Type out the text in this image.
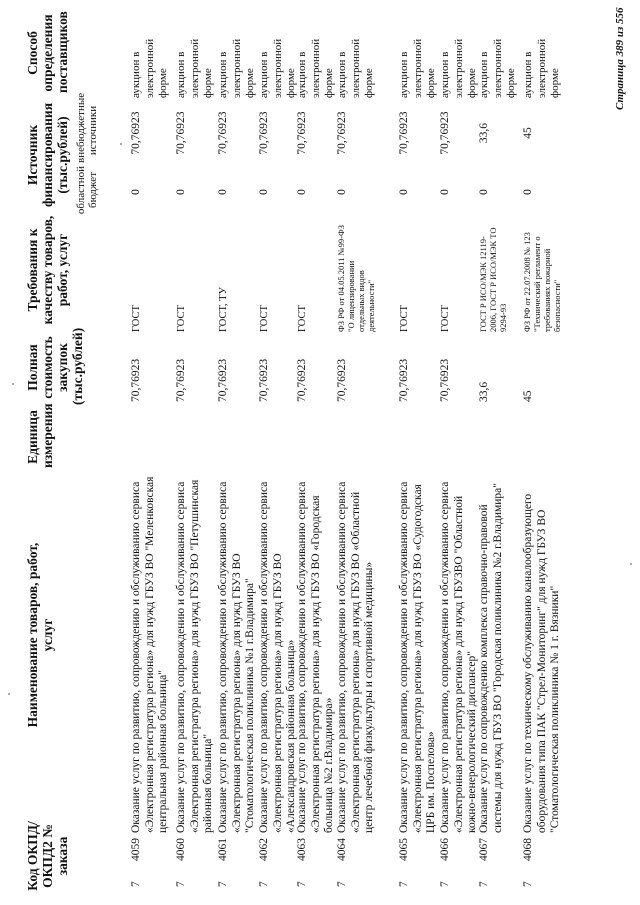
Код ОКПД/ ОКПД2 № заказа
Наименование товаров, работ, услуг
Единица измерения
Полная стоимость закупок (тыс.рублей)
Требования к качеству товаров, работ, услуг
Источник финансирования (тыс.рублей) областной бюджет
внебюджетные источники
Способ определения поставщиков
7
4059
Оказание услуг по развитию, сопровождению и обслуживанию сервиса «Электронная регистратура региона» для нужд ГБУЗ ВО "Меленковская центральная районная больница"
70,76923
ГОСТ
0
70,76923
аукцион в электронной форме
7
4060
Оказание услуг по развитию, сопровождению и обслуживанию сервиса «Электронная регистратура региона» для нужд ГБУЗ ВО "Петушинская районная больница"
70,76923
ГОСТ
0
70,76923
аукцион в электронной форме
7
4061
Оказание услуг по развитию, сопровождению и обслуживанию сервиса «Электронная регистратура региона» для нужд ГБУЗ ВО "Стоматологическая поликлиника №1 г.Владимира"
70,76923
ГОСТ, ТУ
0
70,76923
аукцион в электронной форме
7
4062
Оказание услуг по развитию, сопровождению и обслуживанию сервиса «Электронная регистратура региона» для нужд ГБУЗ ВО «Александровская районная больница»
70,76923
ГОСТ
0
70,76923
аукцион в электронной форме
7
4063
Оказание услуг по развитию, сопровождению и обслуживанию сервиса «Электронная регистратура региона» для нужд ГБУЗ ВО «Городская больница №2 г.Владимира»
70,76923
ГОСТ
0
70,76923
аукцион в электронной форме
7
4064
Оказание услуг по развитию, сопровождению и обслуживанию сервиса «Электронная регистратура региона» для нужд ГБУЗ ВО «Областной центр лечебной физкультуры и спортивной медицины»
70,76923
ФЗ РФ от 04.05.2011 №99-ФЗ "О лицензировании отдельных видов деятельности"
0
70,76923
аукцион в электронной форме
7
4065
Оказание услуг по развитию, сопровождению и обслуживанию сервиса «Электронная регистратура региона» для нужд ГБУЗ ВО «Судогодская ЦРБ им. Поспелова»
70,76923
ГОСТ
0
70,76923
аукцион в электронной форме
7
4066
Оказание услуг по развитию, сопровождению и обслуживанию сервиса «Электронная регистратура региона» для нужд ГБУЗВО "Областной кожно-венерологический диспансер"
70,76923
ГОСТ
0
70,76923
аукцион в электронной форме
7
4067
Оказание услуг по сопровождению комплекса справочно-правовой системы для нужд ГБУЗ ВО "Городская поликлиника №2 г.Владимира"
33,6
ГОСТ Р ИСО/МЭК 12119-2006, ГОСТ Р ИСО/МЭК ТО 9294-93
0
33,6
аукцион в электронной форме
7
4068
Оказание услуг по техническому обслуживанию каналообразующего оборудования типа ПАК "Стрел-Мониторинг" для нужд ГБУЗ ВО "Стоматологическая поликлиника № 1 г. Вязники"
45
ФЗ РФ от 22.07.2008 № 123 "Технический регламент о требованиях пожарной безопасности"
0
45
аукцион в электронной форме	Страница 389 из 556
